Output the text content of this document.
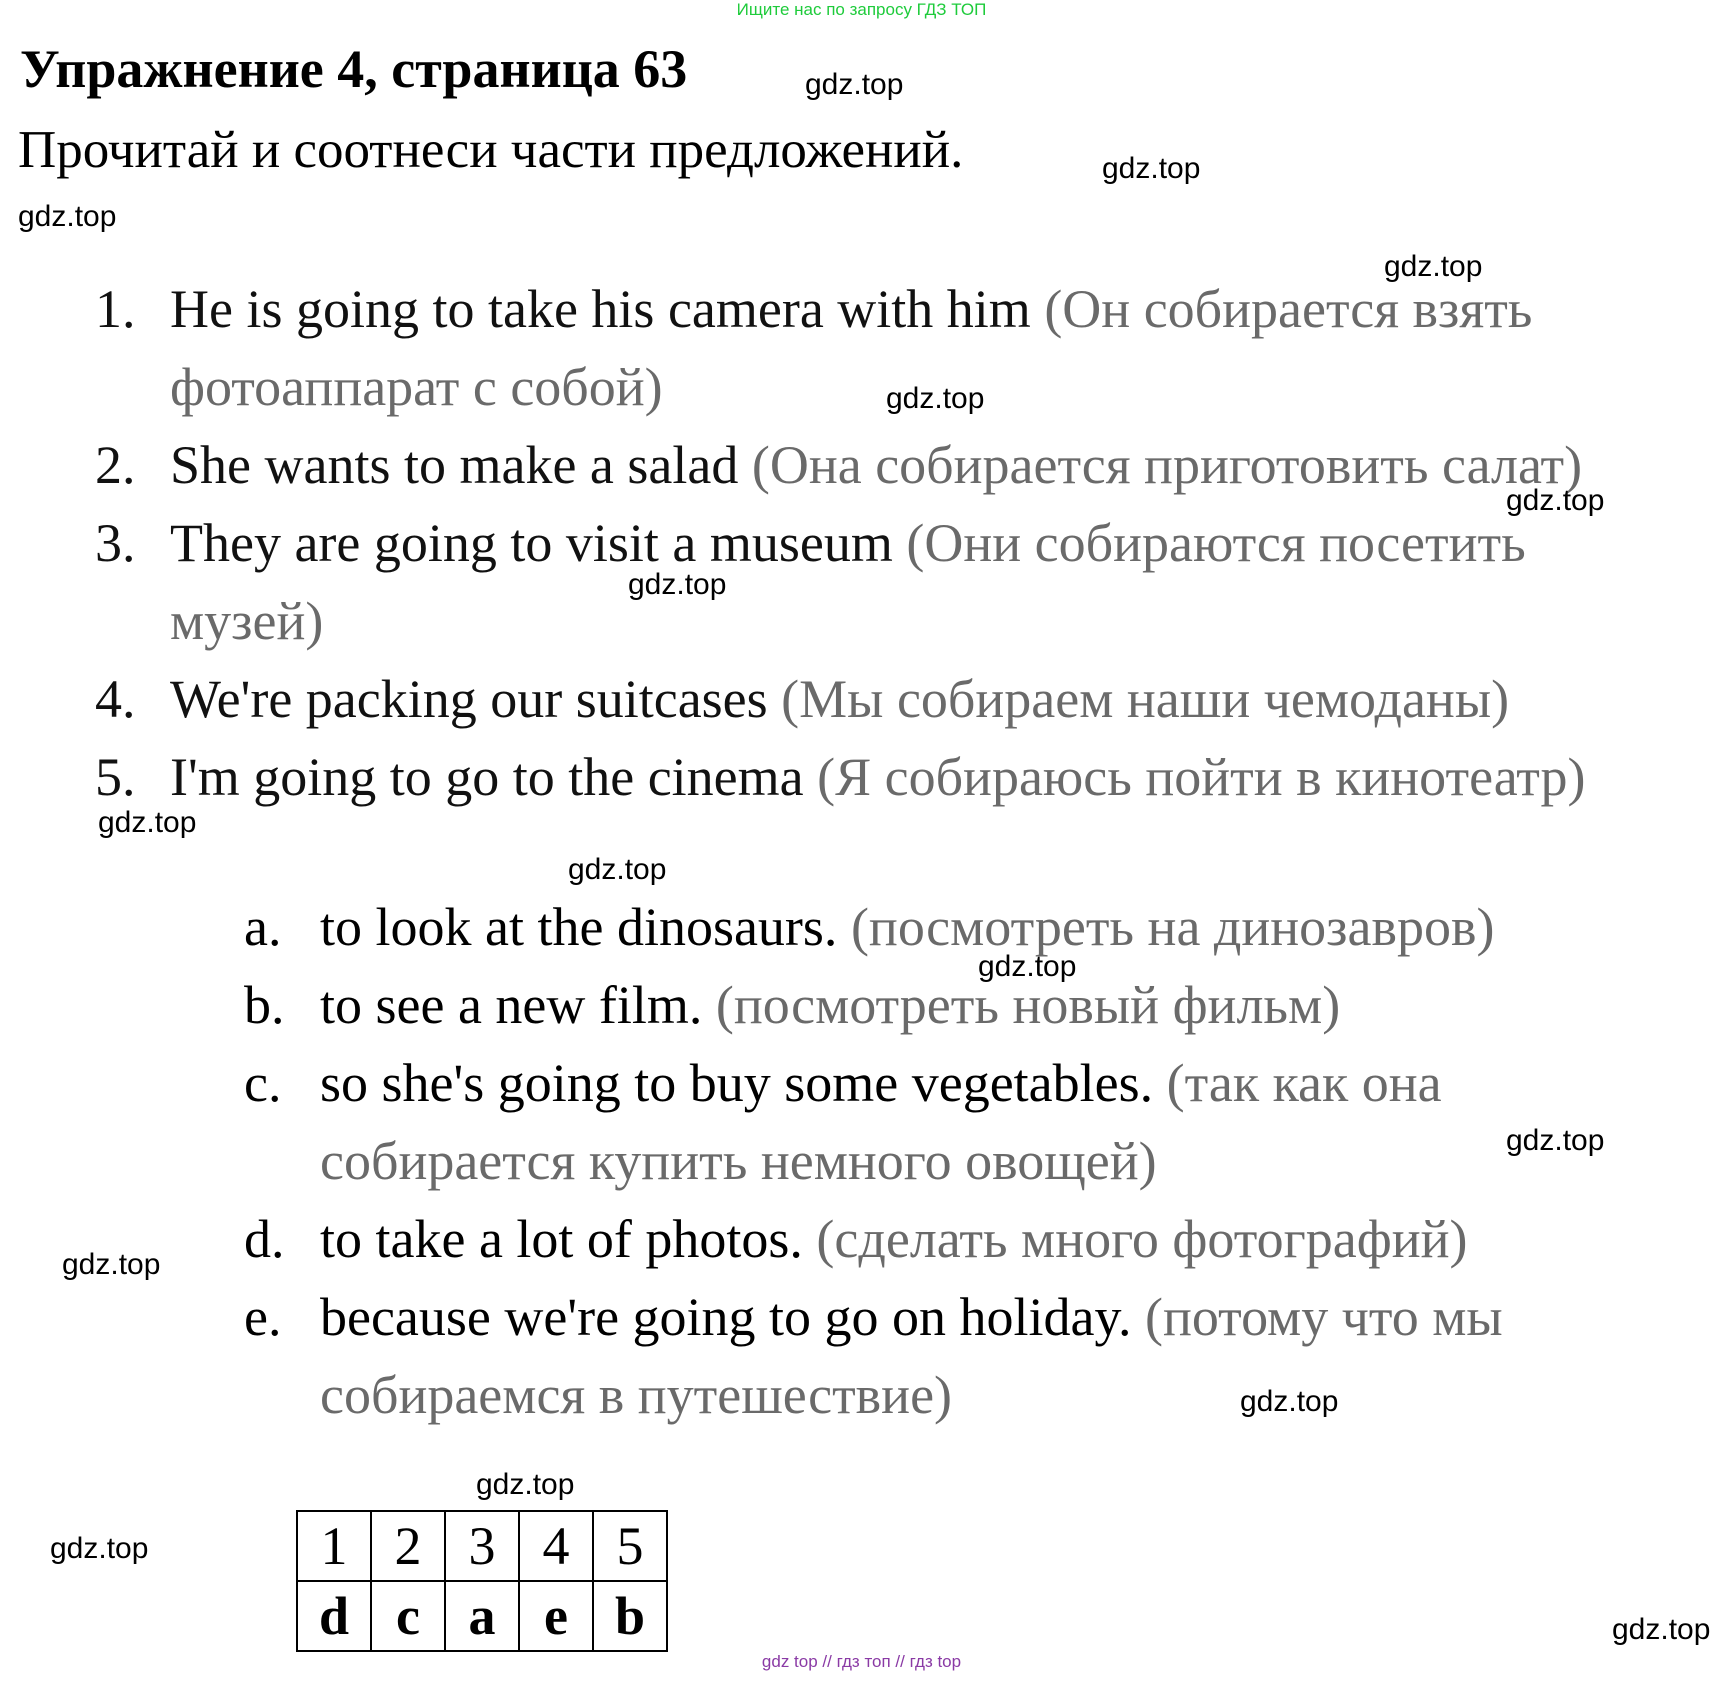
Ищите нас по запросу ГДЗ ТОП
Упражнение 4, страница 63
Прочитай и соотнеси части предложений.
1. He is going to take his camera with him (Он собирается взять
фотоаппарат с собой)
2. She wants to make a salad (Она собирается приготовить салат)
3. They are going to visit a museum (Они собираются посетить
музей)
4. We're packing our suitcases (Мы собираем наши чемоданы)
5. I'm going to go to the cinema (Я собираюсь пойти в кинотеатр)
a. to look at the dinosaurs. (посмотреть на динозавров)
b. to see a new film. (посмотреть новый фильм)
c. so she's going to buy some vegetables. (так как она
собирается купить немного овощей)
d. to take a lot of photos. (сделать много фотографий)
e. because we're going to go on holiday. (потому что мы
собираемся в путешествие)
1	2	3	4	5
d	c	a	e	b
gdz.top
gdz.top
gdz.top
gdz.top
gdz.top
gdz.top
gdz.top
gdz.top
gdz.top
gdz.top
gdz.top
gdz.top
gdz.top
gdz.top
gdz.top
gdz.top
gdz top // гдз топ // гдз top
